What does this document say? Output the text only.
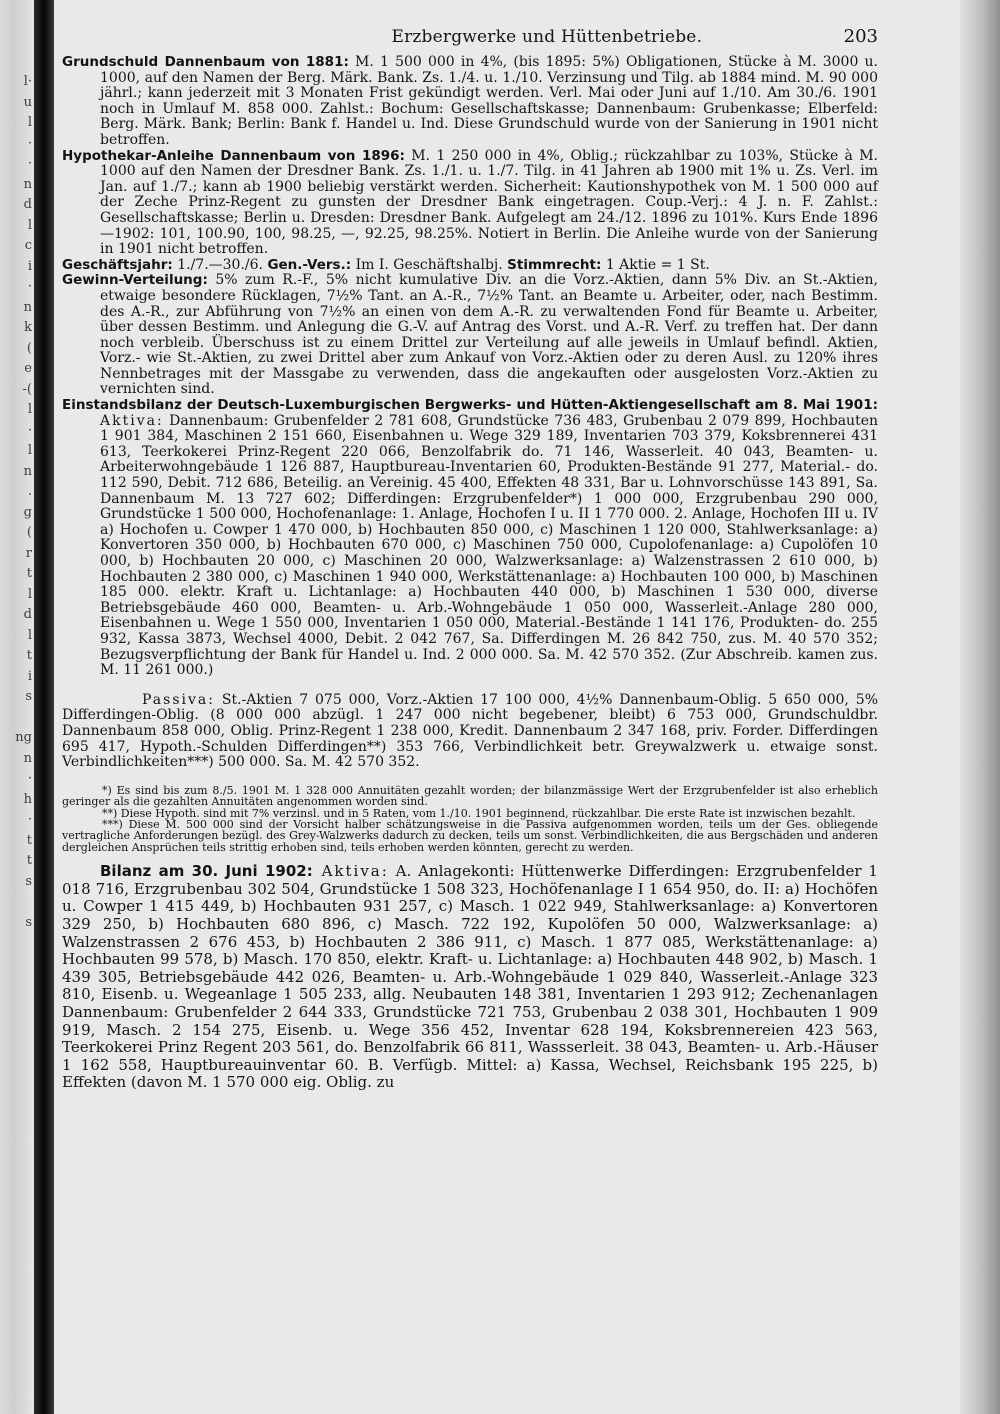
l·
u
l
·
·
n
d
l
c
i
·
n
k
(
e
-(
l
·
l
n
.
g
(
r
t
l
d
l
t
i
s

ng
n
·
h
·
t
t
s

s
Erzbergwerke und Hüttenbetriebe.	203

Grundschuld Dannenbaum von 1881: M. 1 500 000 in 4%, (bis 1895: 5%) Obligationen, Stücke à M. 3000 u. 1000, auf den Namen der Berg. Märk. Bank. Zs. 1./4. u. 1./10. Verzinsung und Tilg. ab 1884 mind. M. 90 000 jährl.; kann jederzeit mit 3 Monaten Frist gekündigt werden. Verl. Mai oder Juni auf 1./10. Am 30./6. 1901 noch in Umlauf M. 858 000. Zahlst.: Bochum: Gesellschaftskasse; Dannenbaum: Grubenkasse; Elberfeld: Berg. Märk. Bank; Berlin: Bank f. Handel u. Ind. Diese Grundschuld wurde von der Sanierung in 1901 nicht betroffen.

Hypothekar-Anleihe Dannenbaum von 1896: M. 1 250 000 in 4%, Oblig.; rückzahlbar zu 103%, Stücke à M. 1000 auf den Namen der Dresdner Bank. Zs. 1./1. u. 1./7. Tilg. in 41 Jahren ab 1900 mit 1% u. Zs. Verl. im Jan. auf 1./7.; kann ab 1900 beliebig verstärkt werden. Sicherheit: Kautionshypothek von M. 1 500 000 auf der Zeche Prinz-Regent zu gunsten der Dresdner Bank eingetragen. Coup.-Verj.: 4 J. n. F. Zahlst.: Gesellschaftskasse; Berlin u. Dresden: Dresdner Bank. Aufgelegt am 24./12. 1896 zu 101%. Kurs Ende 1896—1902: 101, 100.90, 100, 98.25, —, 92.25, 98.25%. Notiert in Berlin. Die Anleihe wurde von der Sanierung in 1901 nicht betroffen.

Geschäftsjahr: 1./7.—30./6. Gen.-Vers.: Im I. Geschäftshalbj. Stimmrecht: 1 Aktie = 1 St.

Gewinn-Verteilung: 5% zum R.-F., 5% nicht kumulative Div. an die Vorz.-Aktien, dann 5% Div. an St.-Aktien, etwaige besondere Rücklagen, 7½% Tant. an A.-R., 7½% Tant. an Beamte u. Arbeiter, oder, nach Bestimm. des A.-R., zur Abführung von 7½% an einen von dem A.-R. zu verwaltenden Fond für Beamte u. Arbeiter, über dessen Bestimm. und Anlegung die G.-V. auf Antrag des Vorst. und A.-R. Verf. zu treffen hat. Der dann noch verbleib. Überschuss ist zu einem Drittel zur Verteilung auf alle jeweils in Umlauf befindl. Aktien, Vorz.- wie St.-Aktien, zu zwei Drittel aber zum Ankauf von Vorz.-Aktien oder zu deren Ausl. zu 120% ihres Nennbetrages mit der Massgabe zu verwenden, dass die angekauften oder ausgelosten Vorz.-Aktien zu vernichten sind.

Einstandsbilanz der Deutsch-Luxemburgischen Bergwerks- und Hütten-Aktiengesellschaft am 8. Mai 1901: Aktiva: Dannenbaum: Grubenfelder 2 781 608, Grundstücke 736 483, Grubenbau 2 079 899, Hochbauten 1 901 384, Maschinen 2 151 660, Eisenbahnen u. Wege 329 189, Inventarien 703 379, Koksbrennerei 431 613, Teerkokerei Prinz-Regent 220 066, Benzolfabrik do. 71 146, Wasserleit. 40 043, Beamten- u. Arbeiterwohngebäude 1 126 887, Hauptbureau-Inventarien 60, Produkten-Bestände 91 277, Material.- do. 112 590, Debit. 712 686, Beteilig. an Vereinig. 45 400, Effekten 48 331, Bar u. Lohnvorschüsse 143 891, Sa. Dannenbaum M. 13 727 602; Differdingen: Erzgrubenfelder*) 1 000 000, Erzgrubenbau 290 000, Grundstücke 1 500 000, Hochofenanlage: 1. Anlage, Hochofen I u. II 1 770 000. 2. Anlage, Hochofen III u. IV a) Hochofen u. Cowper 1 470 000, b) Hochbauten 850 000, c) Maschinen 1 120 000, Stahlwerksanlage: a) Konvertoren 350 000, b) Hochbauten 670 000, c) Maschinen 750 000, Cupolofenanlage: a) Cupolöfen 10 000, b) Hochbauten 20 000, c) Maschinen 20 000, Walzwerksanlage: a) Walzenstrassen 2 610 000, b) Hochbauten 2 380 000, c) Maschinen 1 940 000, Werkstättenanlage: a) Hochbauten 100 000, b) Maschinen 185 000. elektr. Kraft u. Lichtanlage: a) Hochbauten 440 000, b) Maschinen 1 530 000, diverse Betriebsgebäude 460 000, Beamten- u. Arb.-Wohngebäude 1 050 000, Wasserleit.-Anlage 280 000, Eisenbahnen u. Wege 1 550 000, Inventarien 1 050 000, Material.-Bestände 1 141 176, Produkten- do. 255 932, Kassa 3873, Wechsel 4000, Debit. 2 042 767, Sa. Differdingen M. 26 842 750, zus. M. 40 570 352; Bezugsverpflichtung der Bank für Handel u. Ind. 2 000 000. Sa. M. 42 570 352. (Zur Abschreib. kamen zus. M. 11 261 000.)

Passiva: St.-Aktien 7 075 000, Vorz.-Aktien 17 100 000, 4½% Dannenbaum-Oblig. 5 650 000, 5% Differdingen-Oblig. (8 000 000 abzügl. 1 247 000 nicht begebener, bleibt) 6 753 000, Grundschuldbr. Dannenbaum 858 000, Oblig. Prinz-Regent 1 238 000, Kredit. Dannenbaum 2 347 168, priv. Forder. Differdingen 695 417, Hypoth.-Schulden Differdingen**) 353 766, Verbindlichkeit betr. Greywalzwerk u. etwaige sonst. Verbindlichkeiten***) 500 000. Sa. M. 42 570 352.

*) Es sind bis zum 8./5. 1901 M. 1 328 000 Annuitäten gezahlt worden; der bilanzmässige Wert der Erzgrubenfelder ist also erheblich geringer als die gezahlten Annuitäten angenommen worden sind.

**) Diese Hypoth. sind mit 7% verzinsl. und in 5 Raten, vom 1./10. 1901 beginnend, rückzahlbar. Die erste Rate ist inzwischen bezahlt.

***) Diese M. 500 000 sind der Vorsicht halber schätzungsweise in die Passiva aufgenommen worden, teils um der Ges. obliegende vertragliche Anforderungen bezügl. des Grey-Walzwerks dadurch zu decken, teils um sonst. Verbindlichkeiten, die aus Bergschäden und anderen dergleichen Ansprüchen teils strittig erhoben sind, teils erhoben werden könnten, gerecht zu werden.

Bilanz am 30. Juni 1902: Aktiva: A. Anlagekonti: Hüttenwerke Differdingen: Erzgrubenfelder 1 018 716, Erzgrubenbau 302 504, Grundstücke 1 508 323, Hochöfenanlage I 1 654 950, do. II: a) Hochöfen u. Cowper 1 415 449, b) Hochbauten 931 257, c) Masch. 1 022 949, Stahlwerksanlage: a) Konvertoren 329 250, b) Hochbauten 680 896, c) Masch. 722 192, Kupolöfen 50 000, Walzwerksanlage: a) Walzenstrassen 2 676 453, b) Hochbauten 2 386 911, c) Masch. 1 877 085, Werkstättenanlage: a) Hochbauten 99 578, b) Masch. 170 850, elektr. Kraft- u. Lichtanlage: a) Hochbauten 448 902, b) Masch. 1 439 305, Betriebsgebäude 442 026, Beamten- u. Arb.-Wohngebäude 1 029 840, Wasserleit.-Anlage 323 810, Eisenb. u. Wegeanlage 1 505 233, allg. Neubauten 148 381, Inventarien 1 293 912; Zechenanlagen Dannenbaum: Grubenfelder 2 644 333, Grundstücke 721 753, Grubenbau 2 038 301, Hochbauten 1 909 919, Masch. 2 154 275, Eisenb. u. Wege 356 452, Inventar 628 194, Koksbrennereien 423 563, Teerkokerei Prinz Regent 203 561, do. Benzolfabrik 66 811, Wassserleit. 38 043, Beamten- u. Arb.-Häuser 1 162 558, Hauptbureauinventar 60. B. Verfügb. Mittel: a) Kassa, Wechsel, Reichsbank 195 225, b) Effekten (davon M. 1 570 000 eig. Oblig. zu
